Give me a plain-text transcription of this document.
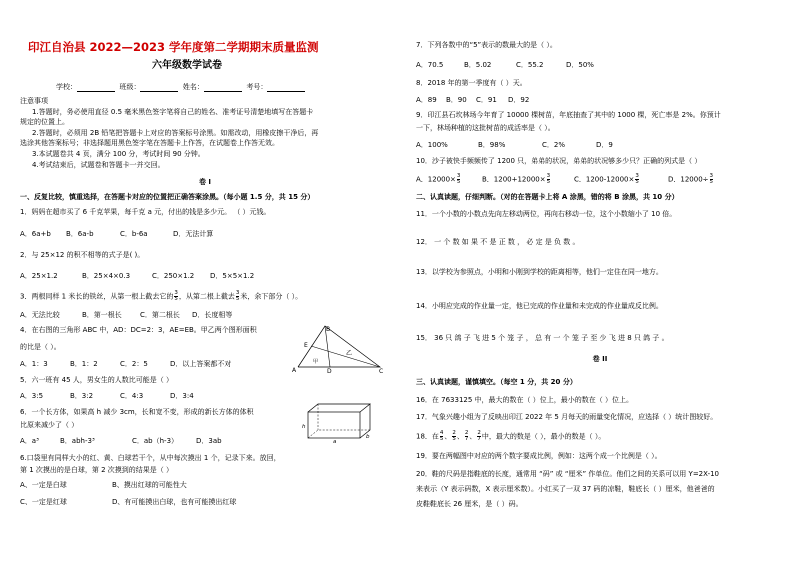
印江自治县 2022—2023 学年度第二学期期末质量监测
六年级数学试卷
学校：	班级：	姓名：	考号：
注意事项
1.答题时，务必使用直径 0.5 毫米黑色签字笔将自己的姓名、准考证号清楚地填写在答题卡
规定的位置上。
2.答题时，必须用 2B 铅笔把答题卡上对应的答案标号涂黑。如需改动，用橡皮擦干净后，再
选涂其他答案标号；非选择题用黑色签字笔在答题卡上作答，在试题卷上作答无效。
3.本试题卷共 4 页，满分 100 分，考试时间 90 分钟。
4.考试结束后，试题卷和答题卡一并交回。
卷 I
一、反复比较，慎重选择，在答题卡对应的位置把正确答案涂黑。（每小题 1.5 分，共 15 分）
1．妈妈在超市买了 6 千克苹果，每千克 a 元，付出的钱是多少元。 （ ）元钱。
A．6a+b B．6a-b	C．b-6a	D．无法计算
2．与 25×12 的积不相等的式子是( )。
A．25×1.2	B．25×4×0.3	C．250×1.2 D．5×5×1.2
3．两根同样 1 米长的铁丝，从第一根上截去它的 $\frac{3}{5}$ ，从第二根上截去 $\frac{3}{5}$ 米，余下部分（ ）。
A．无法比较	B．第一根长	C．第二根长 D．长度相等
4．在右图的三角形 ABC 中，AD：DC=2：3，AE=EB。甲乙两个图形面积
的比是（ ）。
A．1：3	B．1：2	C．2：5	D．以上答案都不对
B
E
甲
乙
A	D	C
5．六一班有 45 人，男女生的人数比可能是（ ）
A．3:5	B．3:2	C．4:3	D．3:4
6．一个长方体，如果高 h 减少 3cm，长和宽不变，形成的新长方体的体积
比原来减少了（ ）
A．a³	B．abh-3³	C．ab（h-3）	D．3ab
h
a
b
6.口袋里有同样大小的红、黄、白球若干个，从中每次摸出 1 个，记录下来。放回，
第 1 次摸出的是白球，第 2 次摸到的结果是（ ）
A、一定是白球	B、摸出红球的可能性大
C、一定是红球	D、有可能摸出白球，也有可能摸出红球
7．下列各数中的“5”表示的数最大的是（ ）。
A．70.5	B．5.02	C．55.2	D．50%
8．2018 年的第一季度有（ ）天。
A．89 B．90 C．91 D．92
9．印江县石坎林场今年育了 10000 棵树苗，年底抽查了其中的 1000 棵，死亡率是 2%。你预计
一下，林场种植的这批树苗的成活率是（ ）。
A．100%	B．98%	C．2%	D．9
10．沙子被快手频频传了 1200 只，弟弟的状况，弟弟的状况够多少只？正确的列式是（ ）
A．$12000\times \frac{3}{5}$	B．$1200+12000\times \frac{3}{5}$	C．$1200-12000\times \frac{3}{5}$	D．$12000\div \frac{3}{5}$
二、认真读题，仔细判断。（对的在答题卡上将 A 涂黑，错的将 B 涂黑，共 10 分）
11．一个小数的小数点先向左移动两位，再向右移动一位，这个小数缩小了 10 倍。
12． 一 个 数 如 果 不 是 正 数 ， 必 定 是 负 数 。
13．以学校为参照点，小明和小刚到学校的距离相等，他们一定住在同一地方。
14．小明应完成的作业量一定，他已完成的作业量和未完成的作业量成反比例。
15． 36 只 鸽 子 飞 进 5 个 笼 子 ， 总 有 一 个 笼 子 至 少 飞 进 8 只 鸽 子 。
卷 II
三、认真读题，谨慎填空。（每空 1 分，共 20 分）
16．在 7633125 中，最大的数在（ ）位上，最小的数在（ ）位上。
17．气象兴趣小组为了反映出印江 2022 年 5 月每天的雨量变化情况，应选择（ ）统计图较好。
18．在 $\frac{4}{5}$ 、 $\frac{2}{5}$ 、 $\frac{2}{7}$ 、 $\frac{2}{7}$ 中，最大的数是（ ），最小的数是（ ）。
19．要在两幅图中对应的两个数字要成比例，例如：这两个成一个比例是（ ）。
20．鞋的尺码是指鞋底的长度，通常用 “码” 或 “厘米” 作单位。他们之间的关系可以用 Y=2X-10
来表示（Y 表示码数，X 表示厘米数）。小红买了一双 37 码的凉鞋，鞋底长（ ）厘米，他爸爸的
皮鞋鞋底长 26 厘米，是（ ）码。
